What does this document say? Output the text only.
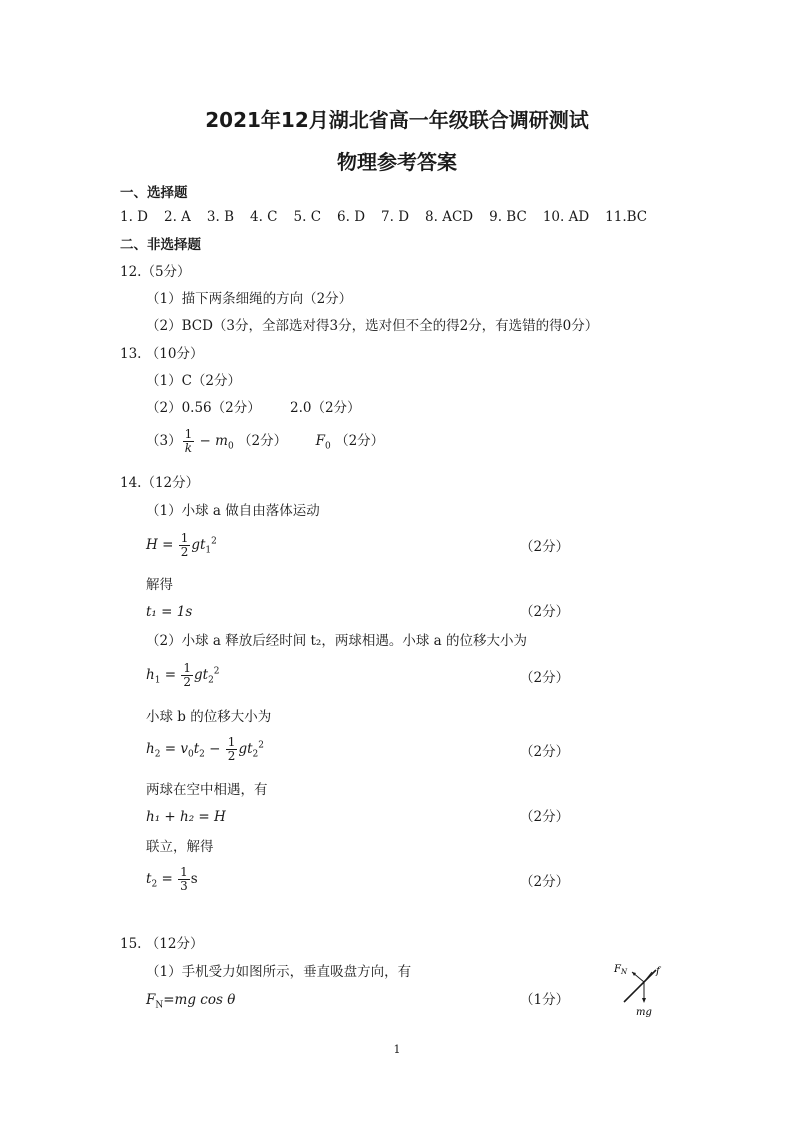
2021年12月湖北省高一年级联合调研测试
物理参考答案
一、选择题
1. D 2. A 3. B 4. C 5. C 6. D 7. D 8. ACD 9. BC 10. AD 11.BC
二、非选择题
12.（5分）
（1）描下两条细绳的方向（2分）
（2）BCD（3分，全部选对得3分，选对但不全的得2分，有选错的得0分）
13. （10分）
（1）C（2分）
（2）0.56（2分） 2.0（2分）
$(3) \frac{1}{k} - m_0$ （2分） $F_0$ （2分）
14.（12分）
（1）小球 a 做自由落体运动
$H = \frac{1}{2} gt_1^2$	（2分）
解得
t₁ = 1s	（2分）
（2）小球 a 释放后经时间 t₂，两球相遇。小球 a 的位移大小为
$h_1 = \frac{1}{2} gt_2^2$	（2分）
小球 b 的位移大小为
$h_2 = v_0t_2 - \frac{1}{2} gt_2^2$	（2分）
两球在空中相遇，有
h₁ + h₂ = H	（2分）
联立，解得
$t_2 = \frac{1}{3}$ s	（2分）
15. （12分）
（1）手机受力如图所示，垂直吸盘方向，有
$F_N=mg$ cos θ	（1分）
$F_N$	f
mg
1
